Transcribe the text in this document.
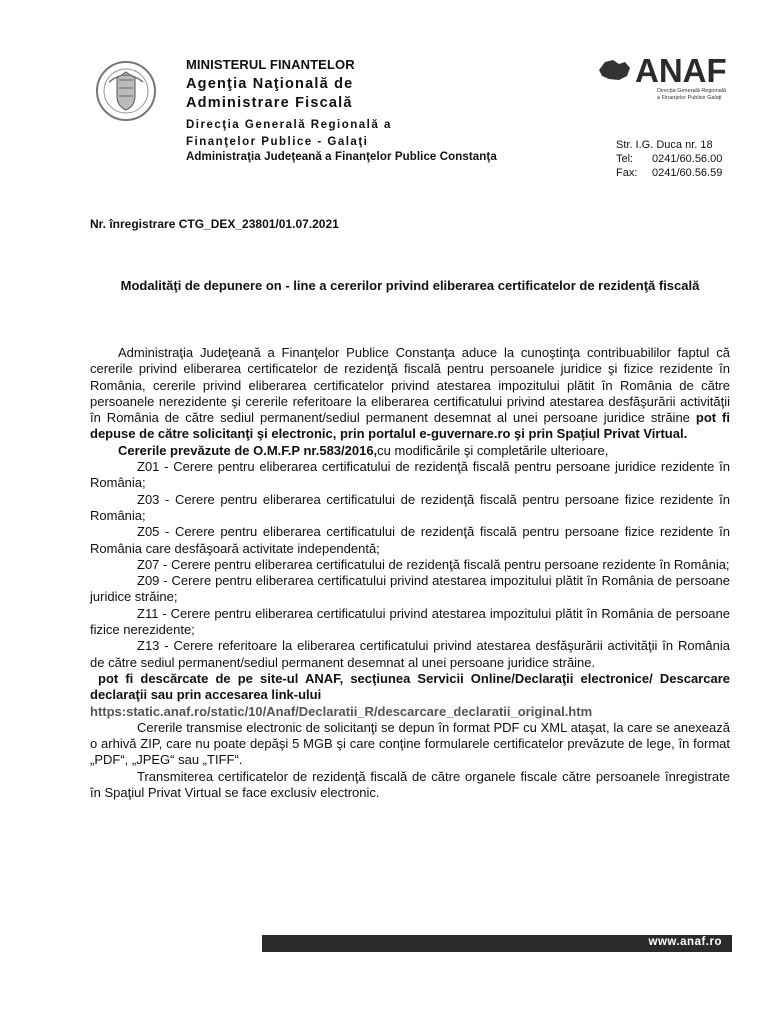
MINISTERUL FINANTELOR
Agenţia Naţională de
Administrare Fiscală
Direcţia Generală Regională a
Finanţelor Publice - Galaţi
Administraţia Judeţeană a Finanţelor Publice Constanţa
ANAF
Direcţia Generală Regională
a Finanţelor Publice Galaţi
Str. I.G. Duca nr. 18
Tel:	0241/60.56.00
Fax:	0241/60.56.59
Nr. înregistrare CTG_DEX_23801/01.07.2021
Modalităţi de depunere on - line a cererilor privind eliberarea certificatelor de rezidenţă fiscală

Administraţia Judeţeană a Finanţelor Publice Constanţa aduce la cunoştinţa contribuabililor faptul că cererile privind eliberarea certificatelor de rezidenţă fiscală pentru persoanele juridice şi fizice rezidente în România, cererile privind eliberarea certificatelor privind atestarea impozitului plătit în România de către persoanele nerezidente şi cererile referitoare la eliberarea certificatului privind atestarea desfăşurării activităţii în România de către sediul permanent/sediul permanent desemnat al unei persoane juridice străine pot fi depuse de către solicitanţi şi electronic, prin portalul e-guvernare.ro şi prin Spaţiul Privat Virtual.

Cererile prevăzute de O.M.F.P nr.583/2016,cu modificările şi completările ulterioare,

Z01 - Cerere pentru eliberarea certificatului de rezidenţă fiscală pentru persoane juridice rezidente în România;

Z03 - Cerere pentru eliberarea certificatului de rezidenţă fiscală pentru persoane fizice rezidente în România;

Z05 - Cerere pentru eliberarea certificatului de rezidenţă fiscală pentru persoane fizice rezidente în România care desfăşoară activitate independentă;

Z07 - Cerere pentru eliberarea certificatului de rezidenţă fiscală pentru persoane rezidente în România;

Z09 - Cerere pentru eliberarea certificatului privind atestarea impozitului plătit în România de persoane juridice străine;

Z11 - Cerere pentru eliberarea certificatului privind atestarea impozitului plătit în România de persoane fizice nerezidente;

Z13 - Cerere referitoare la eliberarea certificatului privind atestarea desfăşurării activităţii în România de către sediul permanent/sediul permanent desemnat al unei persoane juridice străine.

pot fi descărcate de pe site-ul ANAF, secţiunea Servicii Online/Declaraţii electronice/ Descarcare declaraţii sau prin accesarea link-ului

https:static.anaf.ro/static/10/Anaf/Declaratii_R/descarcare_declaratii_original.htm

Cererile transmise electronic de solicitanţi se depun în format PDF cu XML ataşat, la care se anexează o arhivă ZIP, care nu poate depăşi 5 MGB şi care conţine formularele certificatelor prevăzute de lege, în format „PDF“, „JPEG“ sau „TIFF“.

Transmiterea certificatelor de rezidenţă fiscală de către organele fiscale către persoanele înregistrate în Spaţiul Privat Virtual se face exclusiv electronic.

www.anaf.ro
